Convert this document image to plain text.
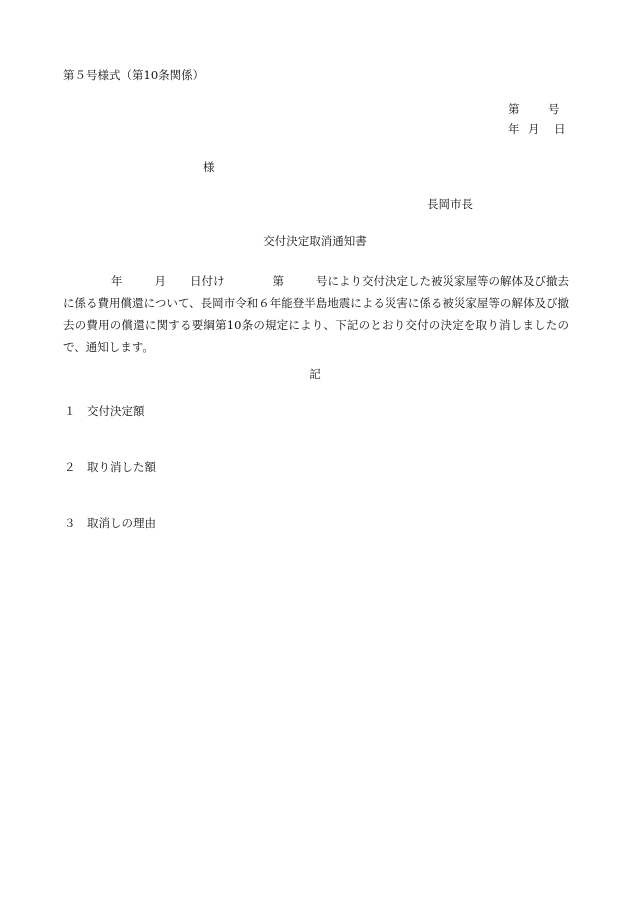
第５号様式（第10条関係）
第 号
年 月 日
様
長岡市長
交付決定取消通知書
年	月 日付け	第	号により交付決定した被災家屋等の解体及び撤去に係る費用償還について、長岡市令和６年能登半島地震による災害に係る被災家屋等の解体及び撤去の費用の償還に関する要綱第10条の規定により、下記のとおり交付の決定を取り消しましたので、通知します。
記
１ 交付決定額
２ 取り消した額
３ 取消しの理由
